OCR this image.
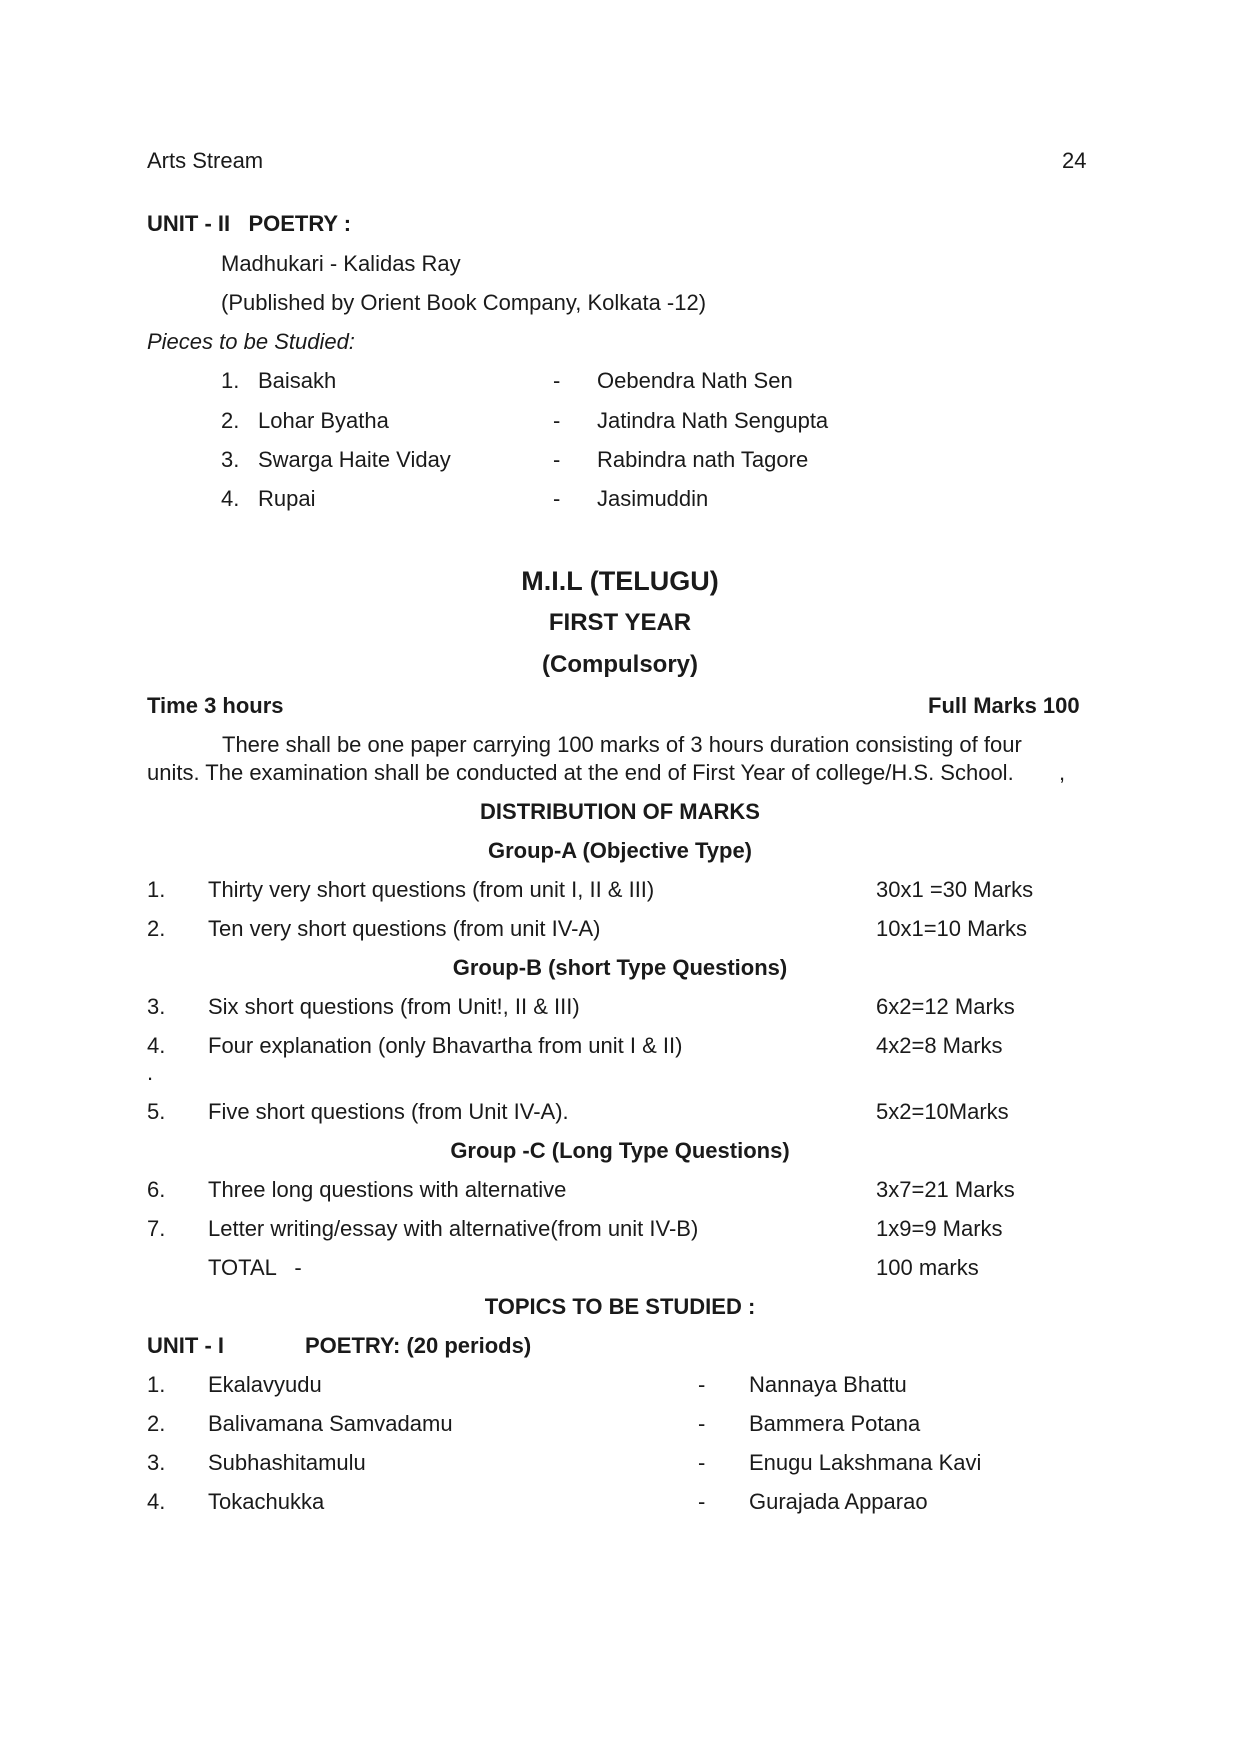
Arts Stream	24
UNIT - II   POETRY :
Madhukari - Kalidas Ray
(Published by Orient Book Company, Kolkata -12)
Pieces to be Studied:
1. Baisakh	- Oebendra Nath Sen
2. Lohar Byatha	- Jatindra Nath Sengupta
3. Swarga Haite Viday	- Rabindra nath Tagore
4. Rupai	- Jasimuddin
M.I.L (TELUGU)
FIRST YEAR
(Compulsory)
Time 3 hours	Full Marks 100
There shall be one paper carrying 100 marks of 3 hours duration consisting of four
units. The examination shall be conducted at the end of First Year of college/H.S. School. ,
DISTRIBUTION OF MARKS
Group-A (Objective Type)
1. Thirty very short questions (from unit I, II & III)	30x1 =30 Marks
2. Ten very short questions (from unit IV-A)	10x1=10 Marks
Group-B (short Type Questions)
3. Six short questions (from Unit!, II & III)	6x2=12 Marks
4. Four explanation (only Bhavartha from unit I & II)	4x2=8 Marks
.
5. Five short questions (from Unit IV-A).	5x2=10Marks
Group -C (Long Type Questions)
6. Three long questions with alternative	3x7=21 Marks
7. Letter writing/essay with alternative(from unit IV-B)	1x9=9 Marks
TOTAL   -	100 marks
TOPICS TO BE STUDIED :
UNIT - I	POETRY: (20 periods)
1. Ekalavyudu	- Nannaya Bhattu
2. Balivamana Samvadamu	- Bammera Potana
3. Subhashitamulu	- Enugu Lakshmana Kavi
4. Tokachukka	- Gurajada Apparao
